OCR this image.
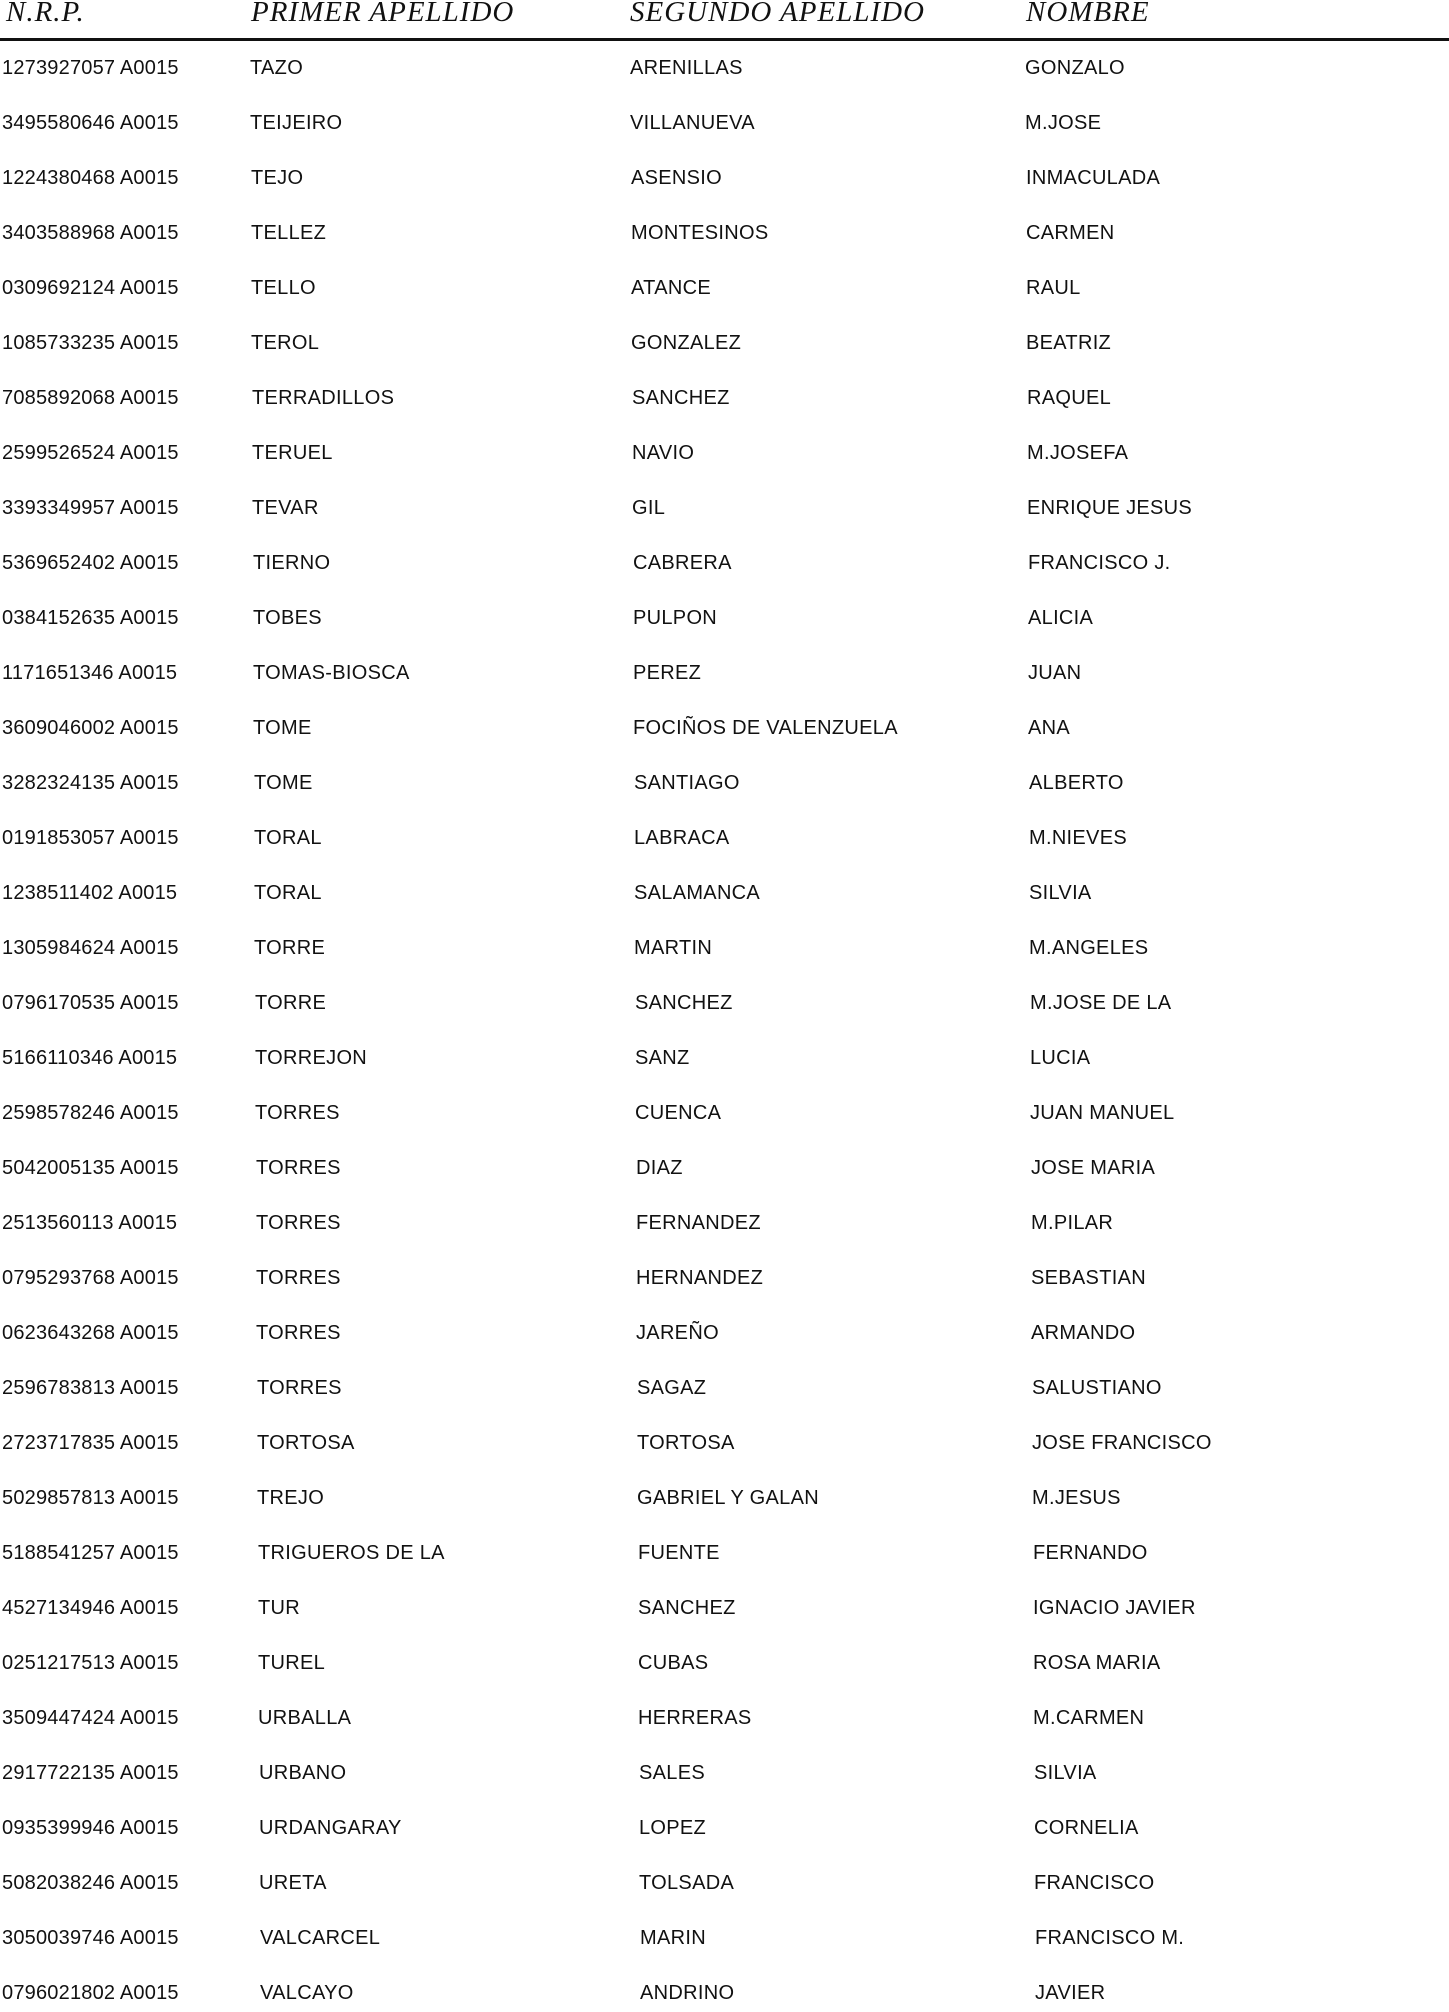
N.R.P.	PRIMER APELLIDO	SEGUNDO APELLIDO	NOMBRE
1273927057 A0015	TAZO	ARENILLAS	GONZALO
3495580646 A0015	TEIJEIRO	VILLANUEVA	M.JOSE
1224380468 A0015	TEJO	ASENSIO	INMACULADA
3403588968 A0015	TELLEZ	MONTESINOS	CARMEN
0309692124 A0015	TELLO	ATANCE	RAUL
1085733235 A0015	TEROL	GONZALEZ	BEATRIZ
7085892068 A0015	TERRADILLOS	SANCHEZ	RAQUEL
2599526524 A0015	TERUEL	NAVIO	M.JOSEFA
3393349957 A0015	TEVAR	GIL	ENRIQUE JESUS
5369652402 A0015	TIERNO	CABRERA	FRANCISCO J.
0384152635 A0015	TOBES	PULPON	ALICIA
1171651346 A0015	TOMAS-BIOSCA	PEREZ	JUAN
3609046002 A0015	TOME	FOCIÑOS DE VALENZUELA	ANA
3282324135 A0015	TOME	SANTIAGO	ALBERTO
0191853057 A0015	TORAL	LABRACA	M.NIEVES
1238511402 A0015	TORAL	SALAMANCA	SILVIA
1305984624 A0015	TORRE	MARTIN	M.ANGELES
0796170535 A0015	TORRE	SANCHEZ	M.JOSE DE LA
5166110346 A0015	TORREJON	SANZ	LUCIA
2598578246 A0015	TORRES	CUENCA	JUAN MANUEL
5042005135 A0015	TORRES	DIAZ	JOSE MARIA
2513560113 A0015	TORRES	FERNANDEZ	M.PILAR
0795293768 A0015	TORRES	HERNANDEZ	SEBASTIAN
0623643268 A0015	TORRES	JAREÑO	ARMANDO
2596783813 A0015	TORRES	SAGAZ	SALUSTIANO
2723717835 A0015	TORTOSA	TORTOSA	JOSE FRANCISCO
5029857813 A0015	TREJO	GABRIEL Y GALAN	M.JESUS
5188541257 A0015	TRIGUEROS DE LA	FUENTE	FERNANDO
4527134946 A0015	TUR	SANCHEZ	IGNACIO JAVIER
0251217513 A0015	TUREL	CUBAS	ROSA MARIA
3509447424 A0015	URBALLA	HERRERAS	M.CARMEN
2917722135 A0015	URBANO	SALES	SILVIA
0935399946 A0015	URDANGARAY	LOPEZ	CORNELIA
5082038246 A0015	URETA	TOLSADA	FRANCISCO
3050039746 A0015	VALCARCEL	MARIN	FRANCISCO M.
0796021802 A0015	VALCAYO	ANDRINO	JAVIER
